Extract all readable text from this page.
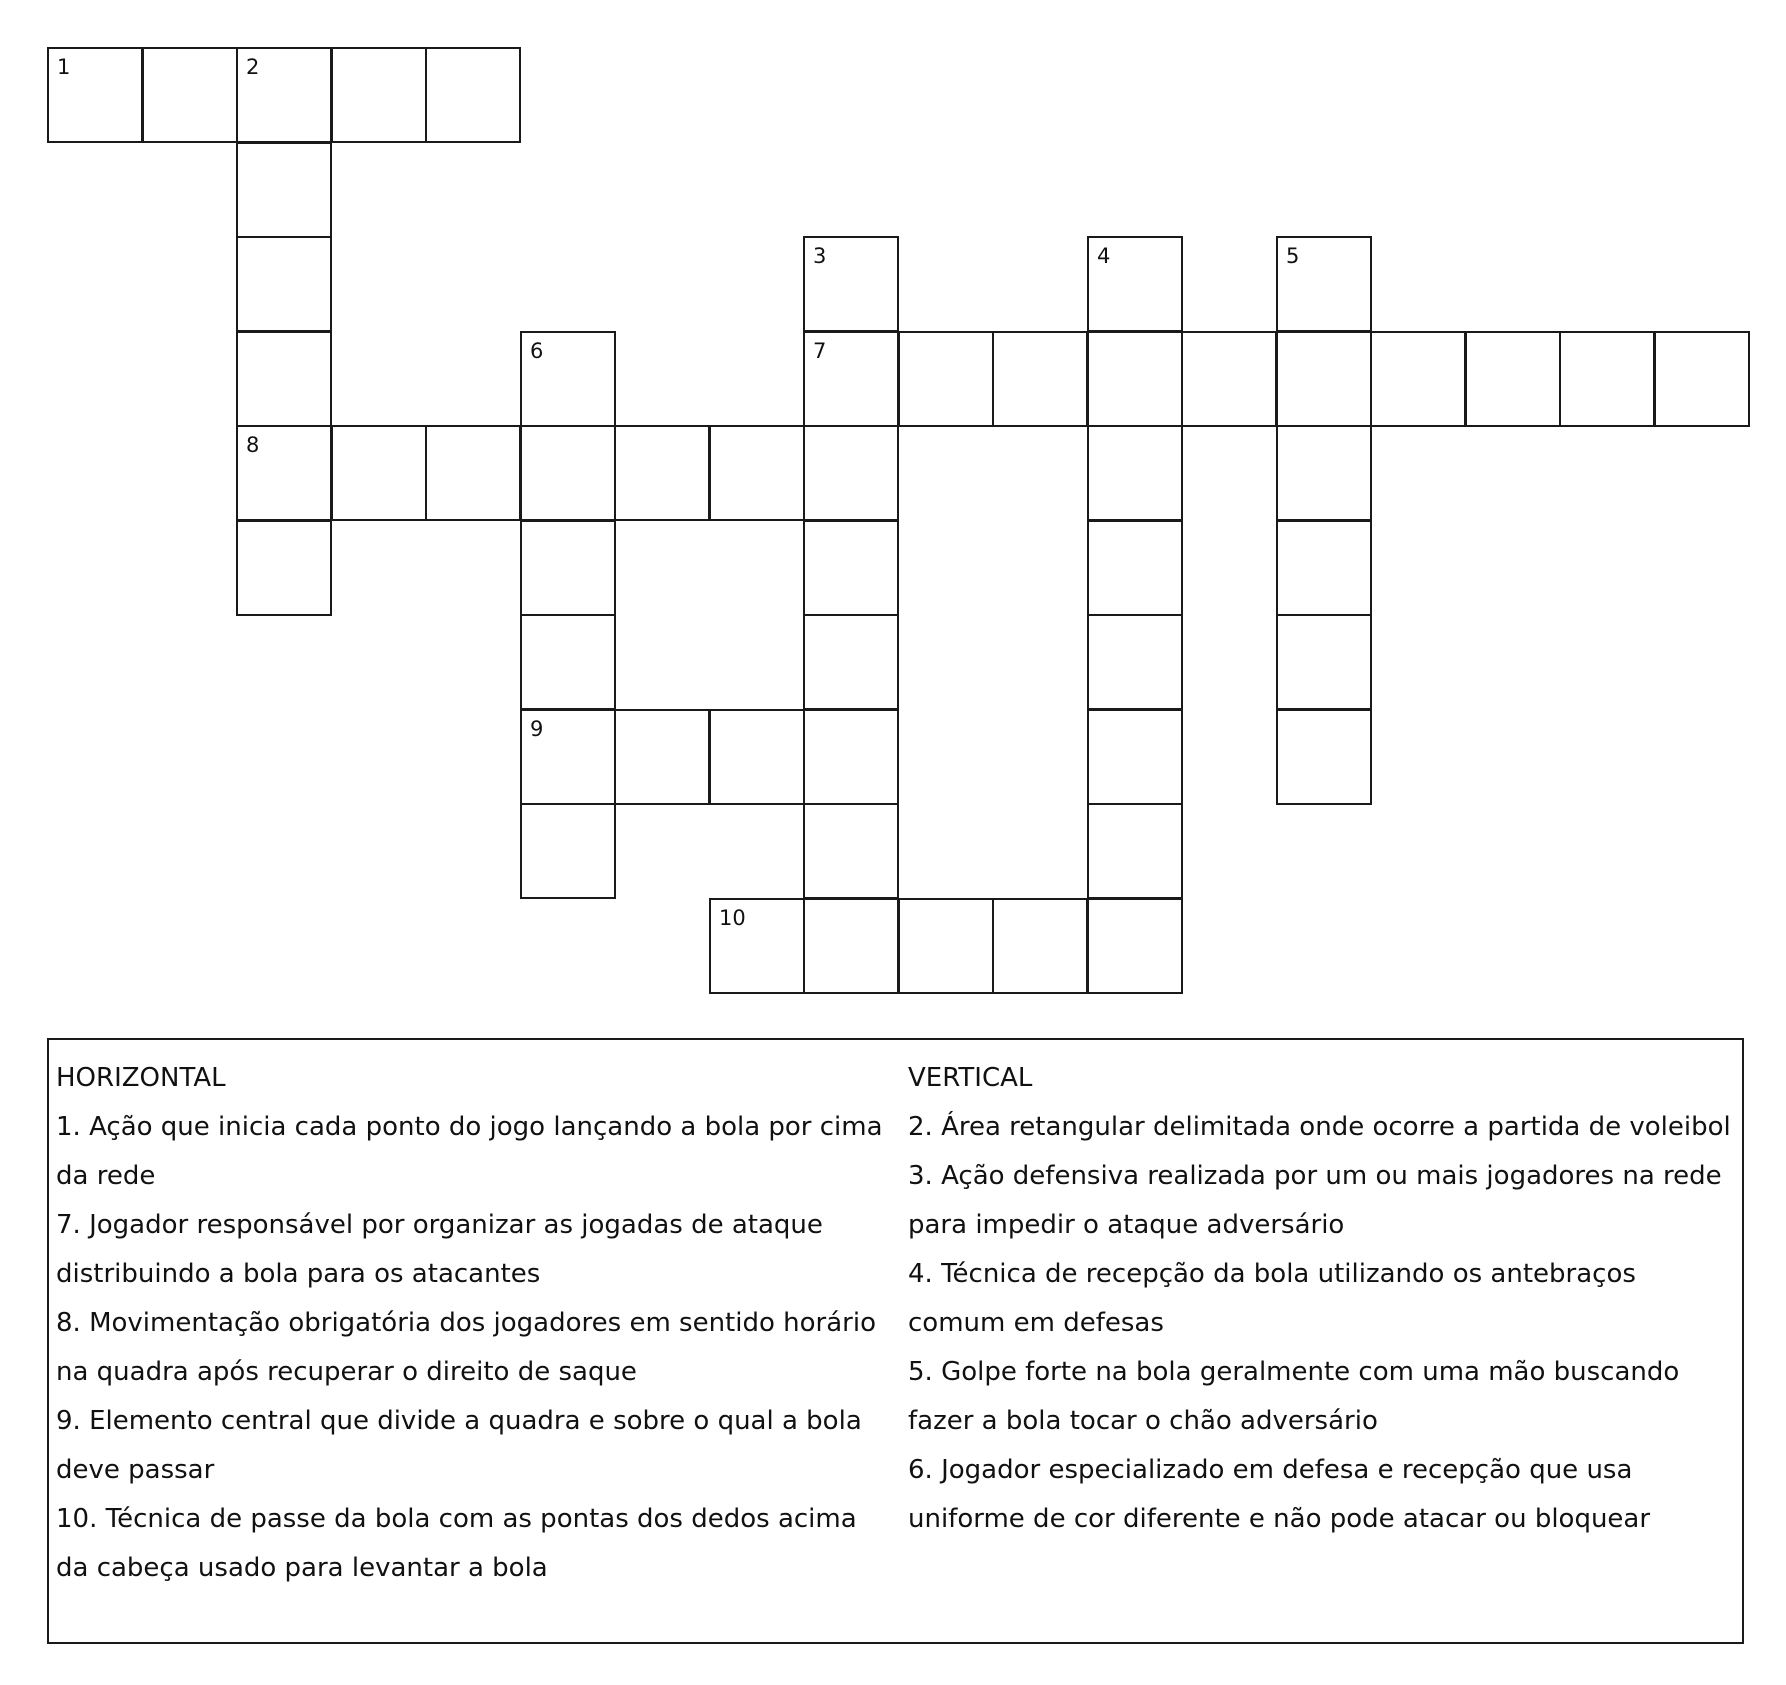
1	2
3	4	5
6	7
8
9
10
HORIZONTAL
1. Ação que inicia cada ponto do jogo lançando a bola por cima da rede
7. Jogador responsável por organizar as jogadas de ataque distribuindo a bola para os atacantes
8. Movimentação obrigatória dos jogadores em sentido horário na quadra após recuperar o direito de saque
9. Elemento central que divide a quadra e sobre o qual a bola deve passar
10. Técnica de passe da bola com as pontas dos dedos acima da cabeça usado para levantar a bola
VERTICAL
2. Área retangular delimitada onde ocorre a partida de voleibol
3. Ação defensiva realizada por um ou mais jogadores na rede para impedir o ataque adversário
4. Técnica de recepção da bola utilizando os antebraços comum em defesas
5. Golpe forte na bola geralmente com uma mão buscando fazer a bola tocar o chão adversário
6. Jogador especializado em defesa e recepção que usa uniforme de cor diferente e não pode atacar ou bloquear
